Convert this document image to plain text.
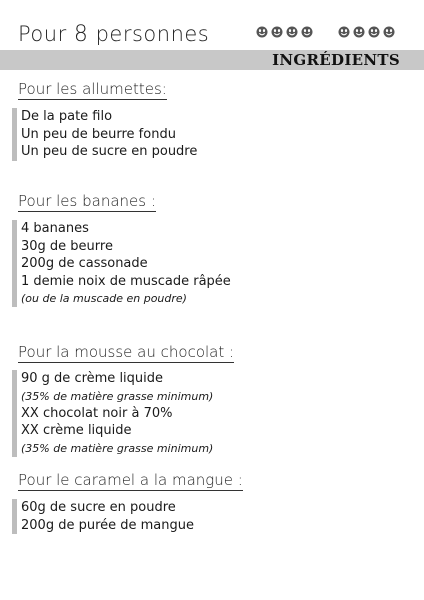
Pour 8 personnes
INGRÉDIENTS
Pour les allumettes:
De la pate filo
Un peu de beurre fondu
Un peu de sucre en poudre
Pour les bananes :
4 bananes
30g de beurre
200g de cassonade
1 demie noix de muscade râpée
(ou de la muscade en poudre)
Pour la mousse au chocolat :
90 g de crème liquide
(35% de matière grasse minimum)
XX chocolat noir à 70%
XX crème liquide
(35% de matière grasse minimum)
Pour le caramel a la mangue :
60g de sucre en poudre
200g de purée de mangue
